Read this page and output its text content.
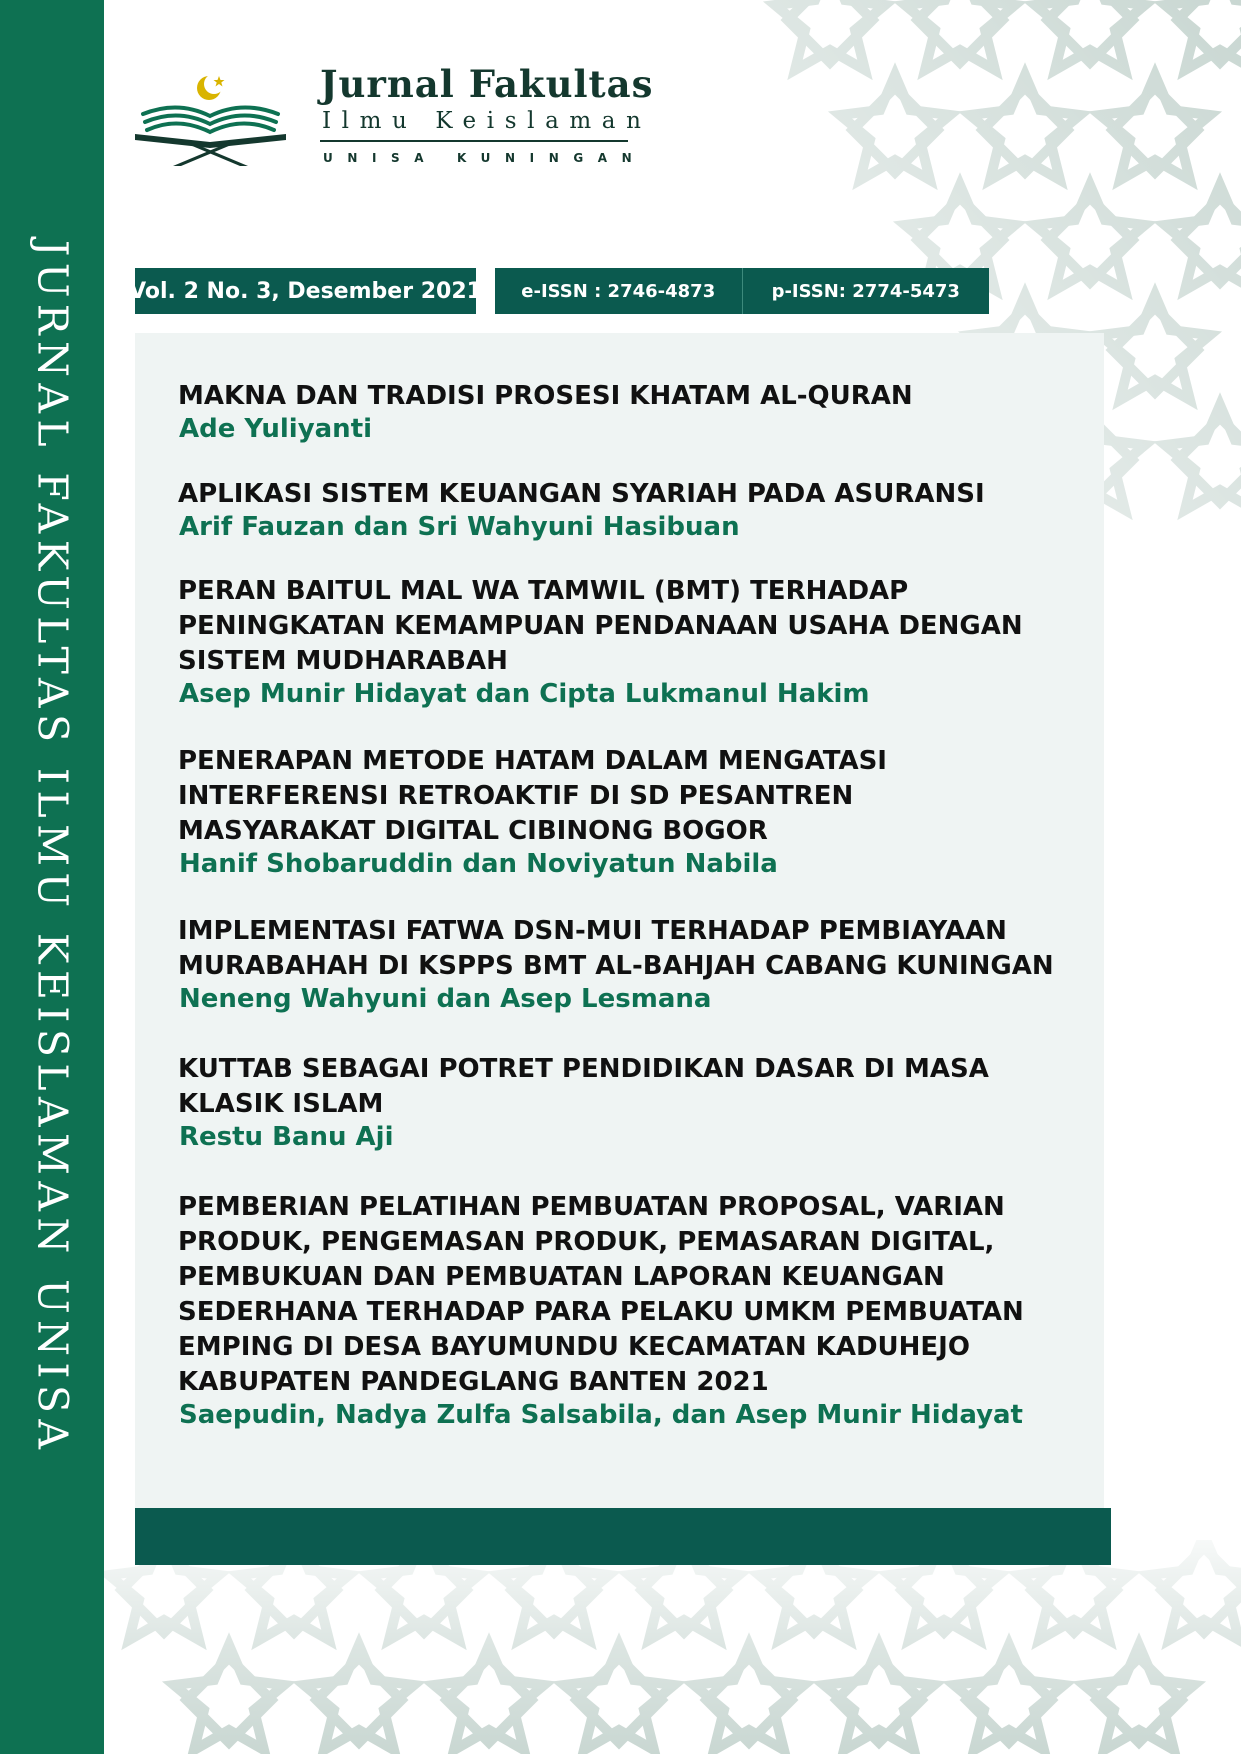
JURNAL FAKULTAS ILMU KEISLAMAN UNISA
Jurnal Fakultas
Ilmu Keislaman
UNISA KUNINGAN
Vol. 2 No. 3, Desember 2021	e-ISSN : 2746-4873	p-ISSN: 2774-5473

MAKNA DAN TRADISI PROSESI KHATAM AL-QURAN

Ade Yuliyanti

APLIKASI SISTEM KEUANGAN SYARIAH PADA ASURANSI

Arif Fauzan dan Sri Wahyuni Hasibuan

PERAN BAITUL MAL WA TAMWIL (BMT) TERHADAP
PENINGKATAN KEMAMPUAN PENDANAAN USAHA DENGAN
SISTEM MUDHARABAH

Asep Munir Hidayat dan Cipta Lukmanul Hakim

PENERAPAN METODE HATAM DALAM MENGATASI
INTERFERENSI RETROAKTIF DI SD PESANTREN
MASYARAKAT DIGITAL CIBINONG BOGOR

Hanif Shobaruddin dan Noviyatun Nabila

IMPLEMENTASI FATWA DSN-MUI TERHADAP PEMBIAYAAN
MURABAHAH DI KSPPS BMT AL-BAHJAH CABANG KUNINGAN

Neneng Wahyuni dan Asep Lesmana

KUTTAB SEBAGAI POTRET PENDIDIKAN DASAR DI MASA
KLASIK ISLAM

Restu Banu Aji

PEMBERIAN PELATIHAN PEMBUATAN PROPOSAL, VARIAN
PRODUK, PENGEMASAN PRODUK, PEMASARAN DIGITAL,
PEMBUKUAN DAN PEMBUATAN LAPORAN KEUANGAN
SEDERHANA TERHADAP PARA PELAKU UMKM PEMBUATAN
EMPING DI DESA BAYUMUNDU KECAMATAN KADUHEJO
KABUPATEN PANDEGLANG BANTEN 2021

Saepudin, Nadya Zulfa Salsabila, dan Asep Munir Hidayat
